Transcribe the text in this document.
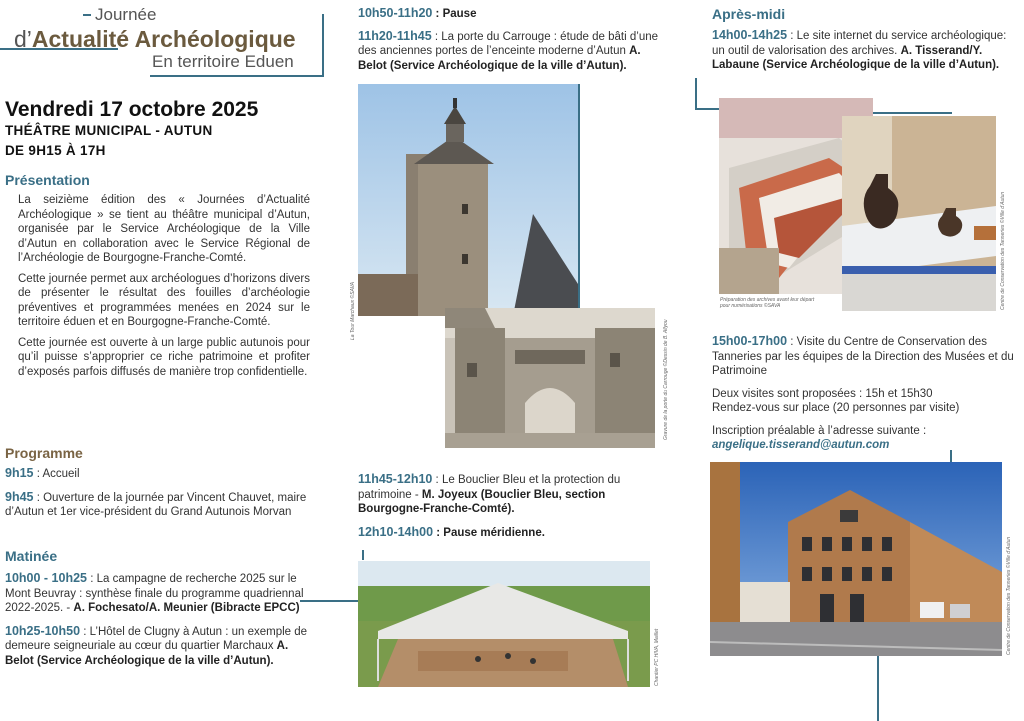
Journée
d’Actualité Archéologique
En territoire Eduen
Vendredi 17 octobre 2025
THÉÂTRE MUNICIPAL - AUTUN
DE 9H15 À 17H
Présentation

La seizième édition des « Journées d’Actualité Archéologique » se tient au théâtre municipal d’Autun, organisée par le Service Archéologique de la Ville d’Autun en collaboration avec le Service Régional de l’Archéologie de Bourgogne-Franche-Comté.

Cette journée permet aux archéologues d’horizons divers de présenter le résultat des fouilles d’archéologie préventives et programmées menées en 2024 sur le territoire éduen et en Bourgogne-Franche-Comté.

Cette journée est ouverte à un large public autunois pour qu’il puisse s’approprier ce riche patrimoine et profiter d’exposés parfois diffusés de manière trop confidentielle.

Programme

9h15 : Accueil

9h45 : Ouverture de la journée par Vincent Chauvet, maire d’Autun et 1er vice-président du Grand Autunois Morvan

Matinée

10h00 - 10h25 : La campagne de recherche 2025 sur le Mont Beuvray : synthèse finale du programme quadriennal 2022-2025. - A. Fochesato/A. Meunier (Bibracte EPCC)

10h25-10h50 : L’Hôtel de Clugny à Autun : un exemple de demeure seigneuriale au cœur du quartier Marchaux A. Belot (Service Archéologique de la ville d’Autun).

10h50-11h20 : Pause

11h20-11h45 : La porte du Carrouge : étude de bâti d’une des anciennes portes de l’enceinte moderne d’Autun A. Belot (Service Archéologique de la ville d’Autun).

La Tour Marchaux ©SAVA
Gravure de la porte du Carrouge ©Dessin de B. Allyou

11h45-12h10 : Le Bouclier Bleu et la protection du patrimoine - M. Joyeux (Bouclier Bleu, section Bourgogne-Franche-Comté).

12h10-14h00 : Pause méridienne.

Chantier PC HIVA, Maillet
Après-midi

14h00-14h25 : Le site internet du service archéologique: un outil de valorisation des archives. A. Tisserand/Y. Labaune (Service Archéologique de la ville d’Autun).

Préparation des archives avant leur départ pour numérisations ©SAVA	Centre de Conservation des Tanneries ©Ville d’Autun

15h00-17h00 : Visite du Centre de Conservation des Tanneries par les équipes de la Direction des Musées et du Patrimoine

Deux visites sont proposées : 15h et 15h30

Rendez-vous sur place (20 personnes par visite)

Inscription préalable à l’adresse suivante :

angelique.tisserand@autun.com

Centre de Conservation des Tanneries ©Ville d’Autun
